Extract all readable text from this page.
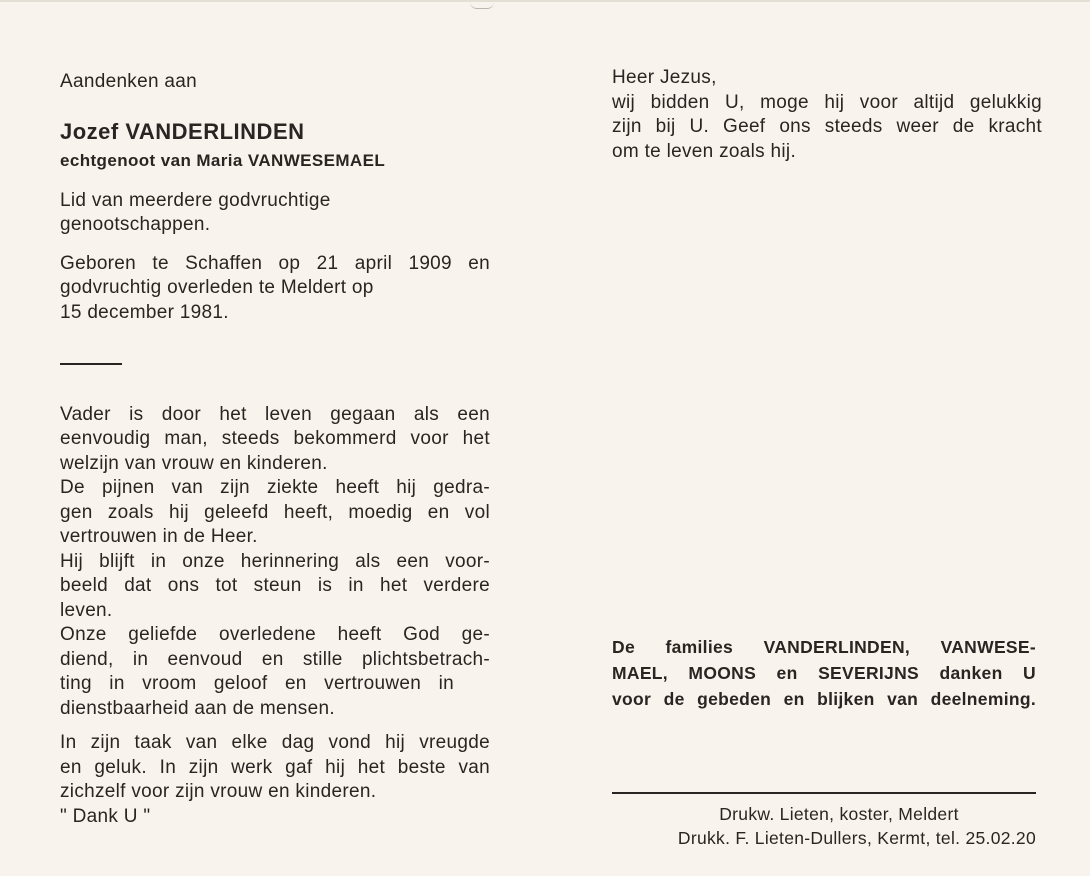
Aandenken aan

Jozef VANDERLINDEN

echtgenoot van Maria VANWESEMAEL

Lid van meerdere godvruchtige
genootschappen.
Geboren te Schaffen op 21 april 1909 en
godvruchtig overleden te Meldert op
15 december 1981.
Vader is door het leven gegaan als een
eenvoudig man, steeds bekommerd voor het
welzijn van vrouw en kinderen.
De pijnen van zijn ziekte heeft hij gedra-
gen zoals hij geleefd heeft, moedig en vol
vertrouwen in de Heer.
Hij blijft in onze herinnering als een voor-
beeld dat ons tot steun is in het verdere
leven.
Onze geliefde overledene heeft God ge-
diend, in eenvoud en stille plichtsbetrach-
ting in vroom geloof en vertrouwen in
dienstbaarheid aan de mensen.
In zijn taak van elke dag vond hij vreugde
en geluk. In zijn werk gaf hij het beste van
zichzelf voor zijn vrouw en kinderen.
" Dank U "
Heer Jezus,
wij bidden U, moge hij voor altijd gelukkig
zijn bij U. Geef ons steeds weer de kracht
om te leven zoals hij.
De families VANDERLINDEN, VANWESE-
MAEL, MOONS en SEVERIJNS danken U
voor de gebeden en blijken van deelneming.
Drukw. Lieten, koster, Meldert
Drukk. F. Lieten-Dullers, Kermt, tel. 25.02.20
